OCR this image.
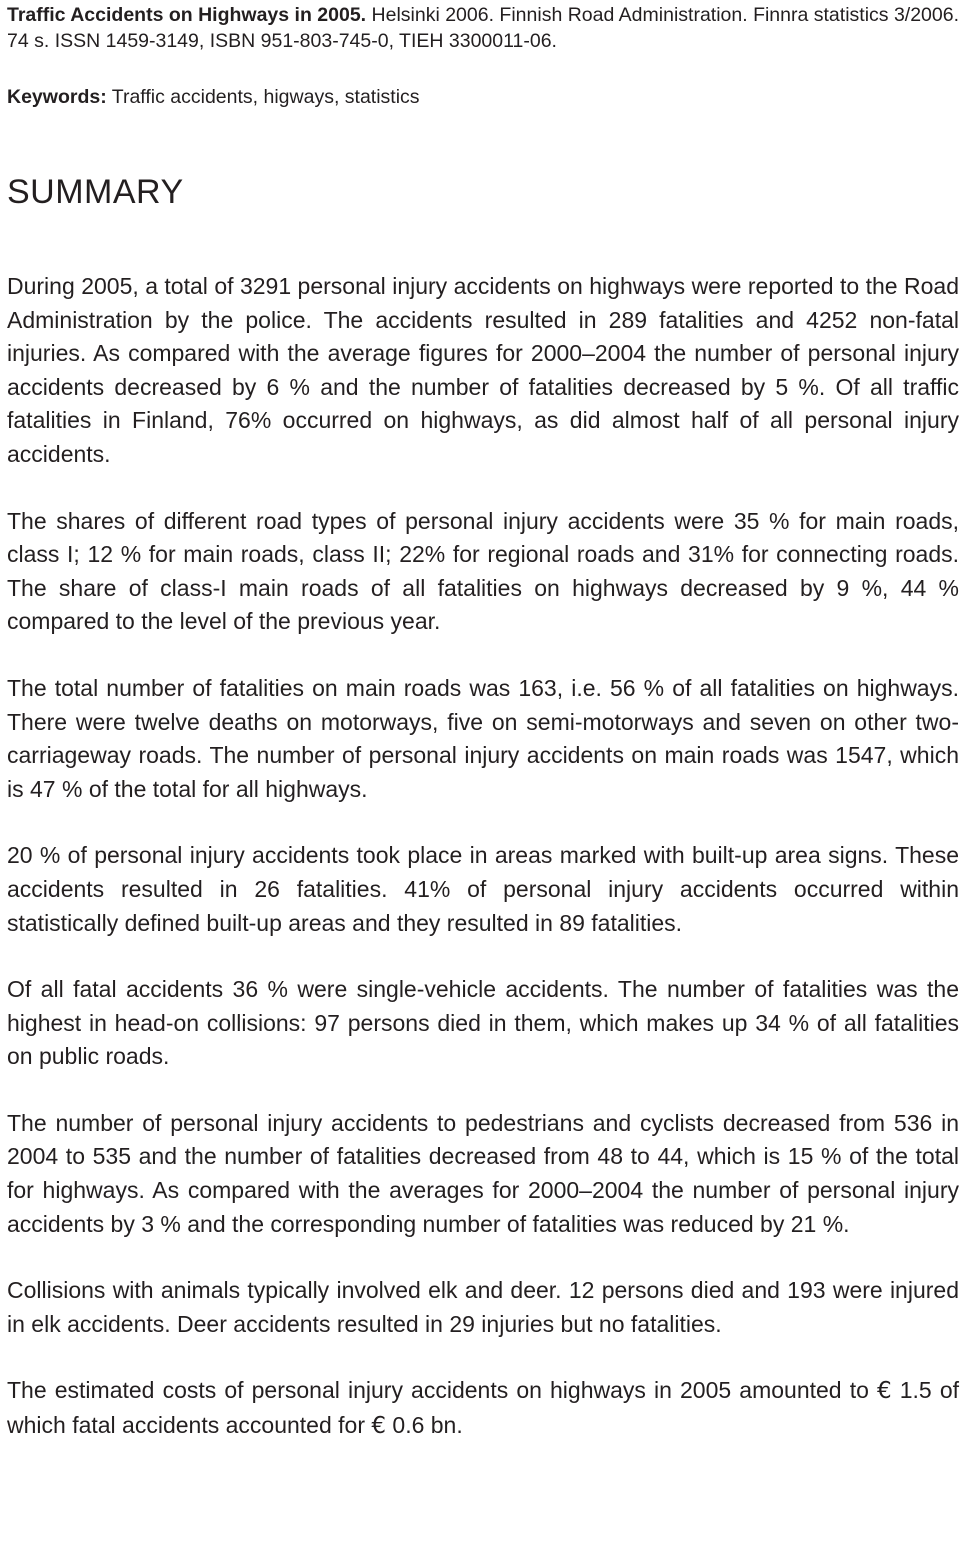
Traffic Accidents on Highways in 2005. Helsinki 2006. Finnish Road Administration. Finnra statistics 3/2006. 74 s. ISSN 1459-3149, ISBN 951-803-745-0, TIEH 3300011-06.
Keywords: Traffic accidents, higways, statistics
SUMMARY

During 2005, a total of 3291 personal injury accidents on highways were reported to the Road Administration by the police. The accidents resulted in 289 fatalities and 4252 non-fatal injuries. As compared with the average figures for 2000–2004 the number of personal injury accidents decreased by 6 % and the number of fatalities decreased by 5 %. Of all traffic fatalities in Finland, 76% occurred on highways, as did almost half of all personal injury accidents.

The shares of different road types of personal injury accidents were 35 % for main roads, class I; 12 % for main roads, class II; 22% for regional roads and 31% for connecting roads. The share of class-I main roads of all fatalities on highways decreased by 9 %, 44 % compared to the level of the previous year.

The total number of fatalities on main roads was 163, i.e. 56 % of all fatalities on highways. There were twelve deaths on motorways, five on semi-motorways and seven on other two-carriageway roads. The number of personal injury accidents on main roads was 1547, which is 47 % of the total for all highways.

20 % of personal injury accidents took place in areas marked with built-up area signs. These accidents resulted in 26 fatalities. 41% of personal injury accidents occurred within statistically defined built-up areas and they resulted in 89 fatalities.

Of all fatal accidents 36 % were single-vehicle accidents. The number of fatalities was the highest in head-on collisions: 97 persons died in them, which makes up 34 % of all fatalities on public roads.

The number of personal injury accidents to pedestrians and cyclists decreased from 536 in 2004 to 535 and the number of fatalities decreased from 48 to 44, which is 15 % of the total for highways. As compared with the averages for 2000–2004 the number of personal injury accidents by 3 % and the corresponding number of fatalities was reduced by 21 %.

Collisions with animals typically involved elk and deer. 12 persons died and 193 were injured in elk accidents. Deer accidents resulted in 29 injuries but no fatalities.

The estimated costs of personal injury accidents on highways in 2005 amounted to € 1.5 of which fatal accidents accounted for € 0.6 bn.
